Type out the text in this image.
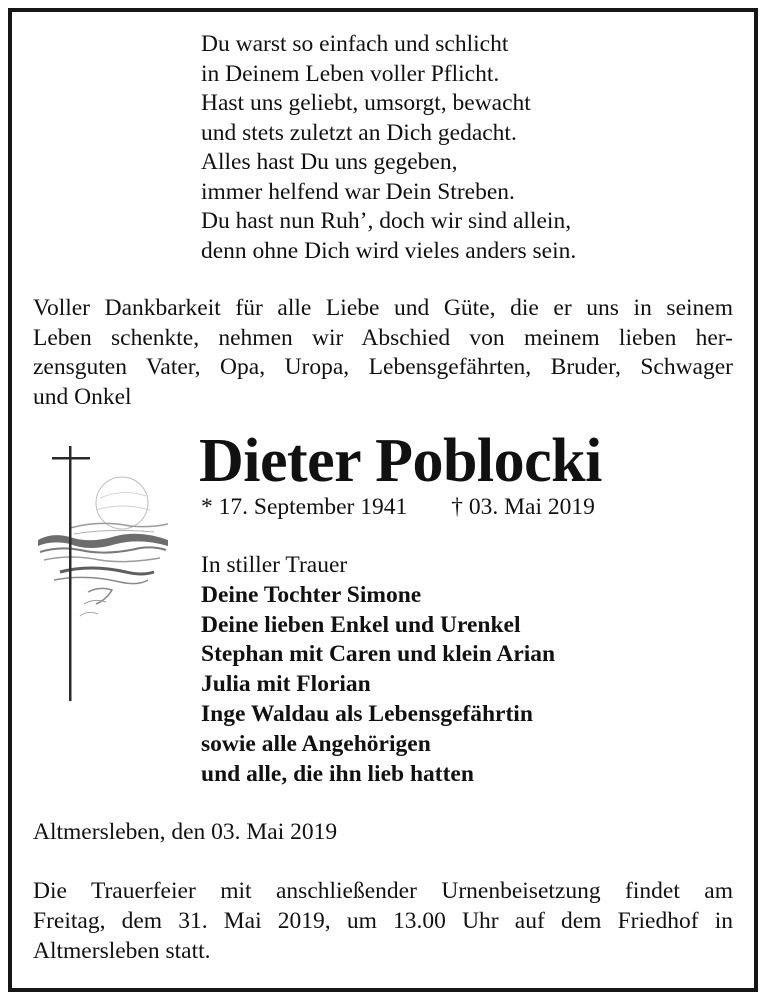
Du warst so einfach und schlicht
in Deinem Leben voller Pflicht.
Hast uns geliebt, umsorgt, bewacht
und stets zuletzt an Dich gedacht.
Alles hast Du uns gegeben,
immer helfend war Dein Streben.
Du hast nun Ruh’, doch wir sind allein,
denn ohne Dich wird vieles anders sein.
Voller Dankbarkeit für alle Liebe und Güte, die er uns in seinem
Leben schenkte, nehmen wir Abschied von meinem lieben her-
zensguten Vater, Opa, Uropa, Lebensgefährten, Bruder, Schwager
und Onkel
Dieter Poblocki
* 17. September 1941 † 03. Mai 2019
In stiller Trauer
Deine Tochter Simone
Deine lieben Enkel und Urenkel
Stephan mit Caren und klein Arian
Julia mit Florian
Inge Waldau als Lebensgefährtin
sowie alle Angehörigen
und alle, die ihn lieb hatten
Altmersleben, den 03. Mai 2019
Die Trauerfeier mit anschließender Urnenbeisetzung findet am
Freitag, dem 31. Mai 2019, um 13.00 Uhr auf dem Friedhof in
Altmersleben statt.
